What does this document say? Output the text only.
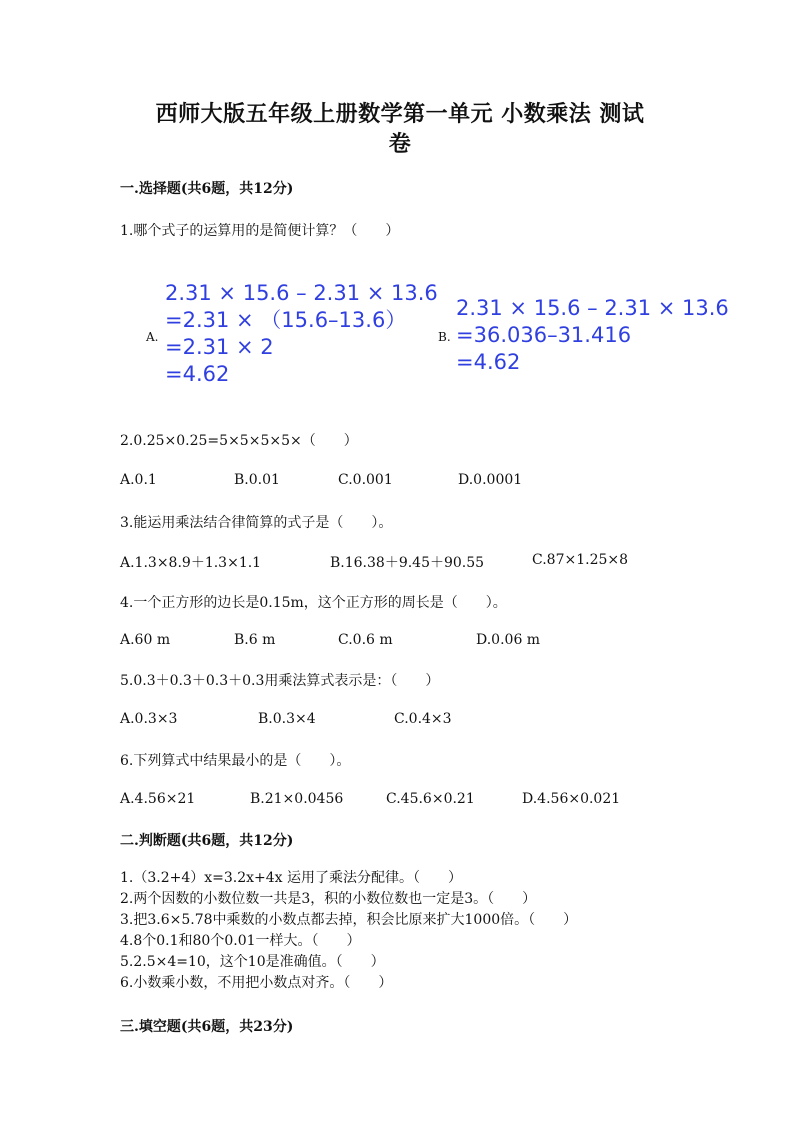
西师大版五年级上册数学第一单元 小数乘法 测试
卷
一.选择题(共6题，共12分)
1.哪个式子的运算用的是简便计算？（　　）
A.
2.31 × 15.6 – 2.31 × 13.6
=2.31 × （15.6–13.6）
=2.31 × 2
=4.62
B.
2.31 × 15.6 – 2.31 × 13.6
=36.036–31.416
=4.62
2.0.25×0.25=5×5×5×5×（　　）
A.0.1	B.0.01	C.0.001	D.0.0001
3.能运用乘法结合律简算的式子是（　　）。
A.1.3×8.9＋1.3×1.1	B.16.38＋9.45＋90.55	C.87×1.25×8
4.一个正方形的边长是0.15m，这个正方形的周长是（　　）。
A.60 m	B.6 m	C.0.6 m	D.0.06 m
5.0.3＋0.3＋0.3＋0.3用乘法算式表示是：（　　）
A.0.3×3	B.0.3×4	C.0.4×3
6.下列算式中结果最小的是（　　）。
A.4.56×21	B.21×0.0456	C.45.6×0.21	D.4.56×0.021
二.判断题(共6题，共12分)
1.（3.2+4）x=3.2x+4x 运用了乘法分配律。（　　）
2.两个因数的小数位数一共是3，积的小数位数也一定是3。（　　）
3.把3.6×5.78中乘数的小数点都去掉，积会比原来扩大1000倍。（　　）
4.8个0.1和80个0.01一样大。（　　）
5.2.5×4=10，这个10是准确值。（　　）
6.小数乘小数，不用把小数点对齐。（　　）
三.填空题(共6题，共23分)
